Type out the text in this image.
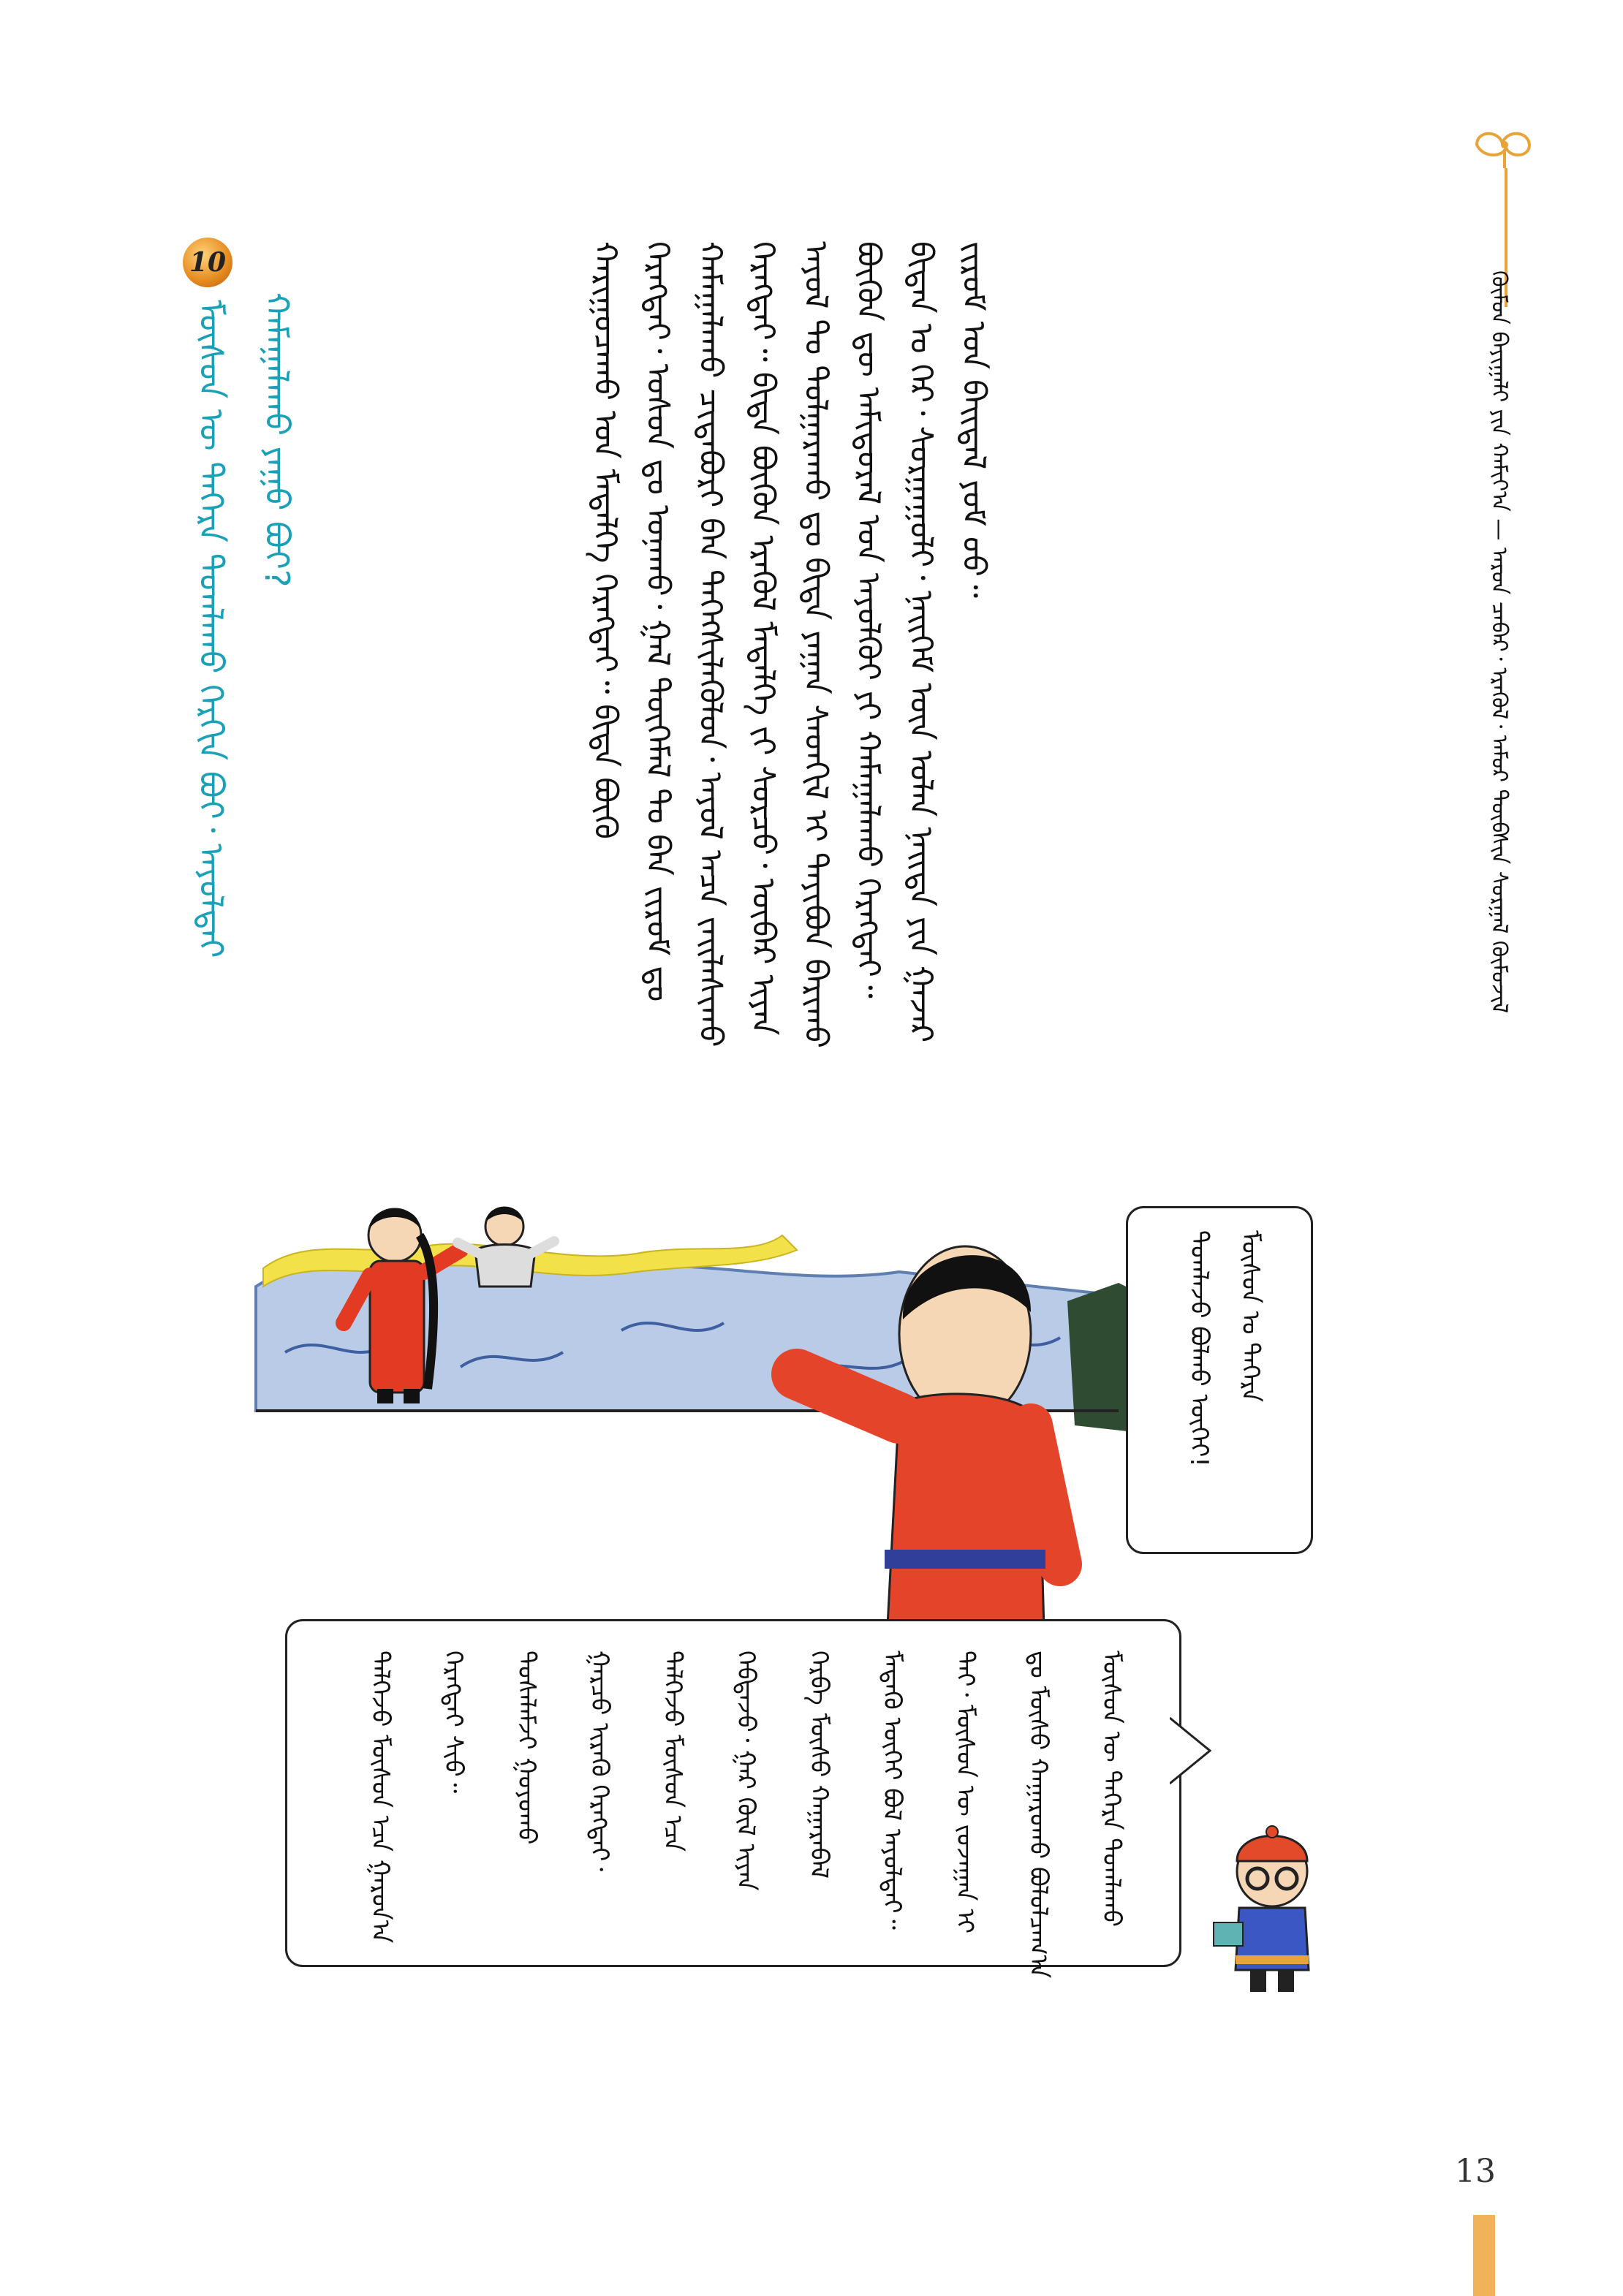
ᠬᠦᠮᠦᠨ ᠪᠠᠶᠢᠭᠠᠯᠢ ᠶᠢᠨ ᠬᠠᠮᠢᠶ᠎ᠠ — ᠠᠷᠤᠨ ᠴᠡᠪᠡᠷ᠂ ᠡᠷᠡᠭᠦᠯ᠂ ᠠᠮᠤᠷ ᠲᠦᠪᠰᠢᠨ ᠰᠤᠷᠭᠠᠯ ᠬᠦᠮᠦᠵᠢᠯ
ᠵᠢᠷᠤᠮ ᠤᠨ ᠪᠠᠢᠳᠠᠯ ᠶᠤᠮ ᠦᠦ᠃
ᠪᠢᠳᠡᠨ ᠤ ᠭᠡᠷ᠂ ᠰᠤᠷᠭᠠᠭᠤᠯᠢ᠂ ᠨᠡᠢᠭᠡᠮ ᠦᠨ ᠤᠯᠠᠨ ᠨᠡᠢᠲᠡ ᠶᠢᠨ ᠭᠠᠵᠠᠷ
ᠪᠦᠬᠦᠨ ᠳᠦ ᠠᠮᠢᠳᠤᠷᠠᠯ ᠤᠨ ᠠᠶᠤᠯᠭᠦᠢ ᠶᠢ ᠬᠠᠮᠠᠭᠠᠯᠠᠬᠤ ᠬᠡᠷᠡᠭᠲᠡᠢ᠃
ᠠᠶᠤᠯ ᠲᠤ ᠲᠤᠯᠭᠠᠷᠠᠬᠤ ᠳᠤ ᠪᠢᠳᠡ ᠶᠠᠭᠠᠨ ᠰᠡᠳᠬᠢᠯ ᠢ ᠲᠠᠶᠢᠪᠤᠨ ᠪᠠᠷᠢᠬᠤ
ᠬᠡᠷᠡᠭᠲᠡᠢ᠃ ᠪᠢᠳᠡ ᠪᠦᠬᠦᠨ ᠡᠷᠡᠭᠦᠯ ᠮᠡᠳᠡᠯᠭᠡ ᠵᠢ ᠰᠤᠷᠴᠤ᠂ ᠥᠪᠡᠷ ᠢᠶᠡᠨ
ᠬᠠᠮᠠᠭᠠᠯᠠᠬᠤ ᠴᠢᠳᠠᠪᠤᠷᠢ ᠪᠠᠨ ᠳᠡᠭᠡᠭᠰᠢᠯᠡᠭᠦᠯᠦᠨ᠂ ᠠᠶᠤᠯ ᠠᠴᠠ ᠵᠠᠢᠯᠠᠰᠢᠬᠤ
ᠬᠡᠷᠡᠭᠲᠡᠢ᠂ ᠤᠰᠤᠨ ᠳᠤ ᠤᠨᠠᠬᠤ᠂ ᠭᠠᠯ ᠲᠦᠭᠡᠮᠡᠯ ᠲᠤ ᠪᠠᠨ ᠵᠢᠷᠤᠮ ᠳᠤ
ᠬᠠᠷᠢᠭᠤᠴᠠᠬᠤ ᠤᠨ ᠮᠡᠳᠡᠯᠭᠡ ᠬᠡᠷᠡᠭᠲᠡᠢ᠃ ᠪᠢᠳᠡ ᠪᠦᠬᠦ
10
ᠮᠥᠰᠦᠨ ᠦ ᠳᠡᠭᠡᠷᠡ ᠲᠣᠭᠯᠠᠬᠤ ᠬᠡᠷᠬᠢᠨ ᠪᠤᠢ᠂ ᠠᠶᠤᠯᠲᠠᠢ ᠬᠠᠮᠠᠭᠠᠯᠠᠬᠤ ᠶᠠᠭᠤ ᠪᠤᠢ?
ᠮᠥᠰᠦᠨ ᠤ ᠳᠡᠭᠡᠷᠡ
ᠲᠣᠭᠯᠠᠵᠤ ᠪᠣᠯᠬᠤ ᠦᠭᠡᠢ!
ᠮᠥᠰᠦᠨ ᠦ ᠳᠡᠭᠡᠷᠡ ᠲᠣᠭᠯᠠᠬᠤ
ᠳᠤ ᠮᠥᠰᠦ ᠬᠠᠭᠠᠷᠤᠬᠤ ᠪᠣᠯᠣᠯᠴᠠᠭ᠎ᠠ
ᠲᠠᠢ᠂ ᠮᠥᠰᠦᠨ ᠦ ᠵᠤᠵᠠᠭᠠᠨ ᠢ
ᠮᠡᠳᠡᠬᠦ ᠦᠭᠡᠢ ᠪᠣᠯ ᠠᠶᠤᠯᠲᠠᠢ᠃
ᠬᠡᠷᠪᠡ ᠮᠥᠰᠦ ᠬᠠᠭᠠᠷᠠᠪᠠᠯ
ᠬᠡᠪᠲᠡᠵᠦ᠂ ᠭᠠᠷ ᠬᠥᠯ ᠢᠶᠡᠨ
ᠳᠡᠯᠭᠡᠵᠦ ᠮᠥᠰᠦᠨ ᠡᠴᠡ
ᠭᠠᠷᠴᠤ ᠢᠷᠡᠬᠦ ᠬᠡᠷᠡᠭᠲᠡᠢ᠂
ᠲᠤᠰᠠᠯᠠᠮᠵᠢ ᠭᠤᠶᠤᠬᠤ
ᠬᠡᠷᠡᠭᠲᠡᠢ ᠰᠢᠦ᠃
ᠳᠡᠯᠭᠡᠵᠦ ᠮᠥᠰᠦᠨ ᠡᠴᠡ ᠭᠠᠷᠤᠨ᠎ᠠ
13
